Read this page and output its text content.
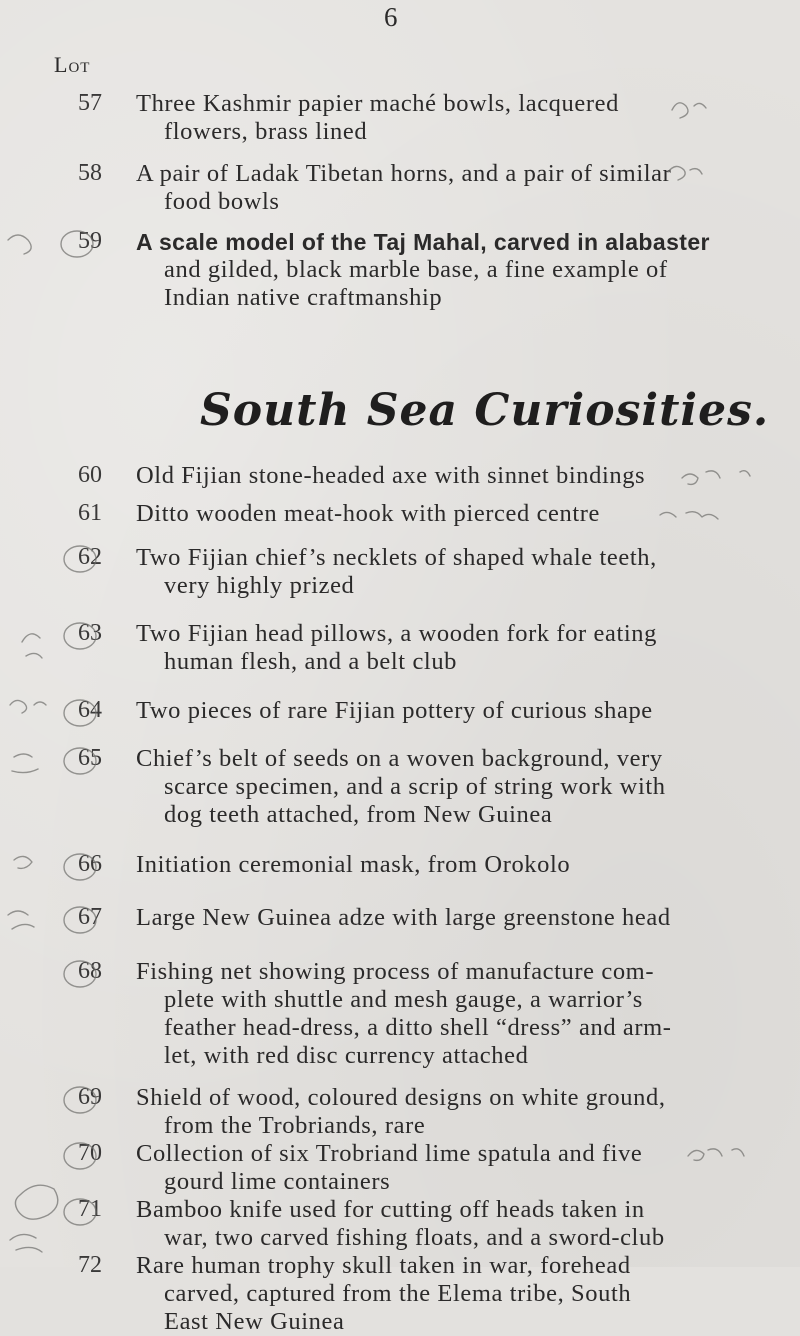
6
Lot
57 Three Kashmir papier maché bowls, lacquered
flowers, brass lined
58 A pair of Ladak Tibetan horns, and a pair of similar
food bowls
59 A scale model of the Taj Mahal, carved in alabaster
and gilded, black marble base, a fine example of
Indian native craftmanship
South Sea Curiosities.
60 Old Fijian stone-headed axe with sinnet bindings
61 Ditto wooden meat-hook with pierced centre
62 Two Fijian chief’s necklets of shaped whale teeth,
very highly prized
63 Two Fijian head pillows, a wooden fork for eating
human flesh, and a belt club
64 Two pieces of rare Fijian pottery of curious shape
65 Chief’s belt of seeds on a woven background, very
scarce specimen, and a scrip of string work with
dog teeth attached, from New Guinea
66 Initiation ceremonial mask, from Orokolo
67 Large New Guinea adze with large greenstone head
68 Fishing net showing process of manufacture com-
plete with shuttle and mesh gauge, a warrior’s
feather head-dress, a ditto shell “dress” and arm-
let, with red disc currency attached
69 Shield of wood, coloured designs on white ground,
from the Trobriands, rare
70 Collection of six Trobriand lime spatula and five
gourd lime containers
71 Bamboo knife used for cutting off heads taken in
war, two carved fishing floats, and a sword-club
72 Rare human trophy skull taken in war, forehead
carved, captured from the Elema tribe, South
East New Guinea
